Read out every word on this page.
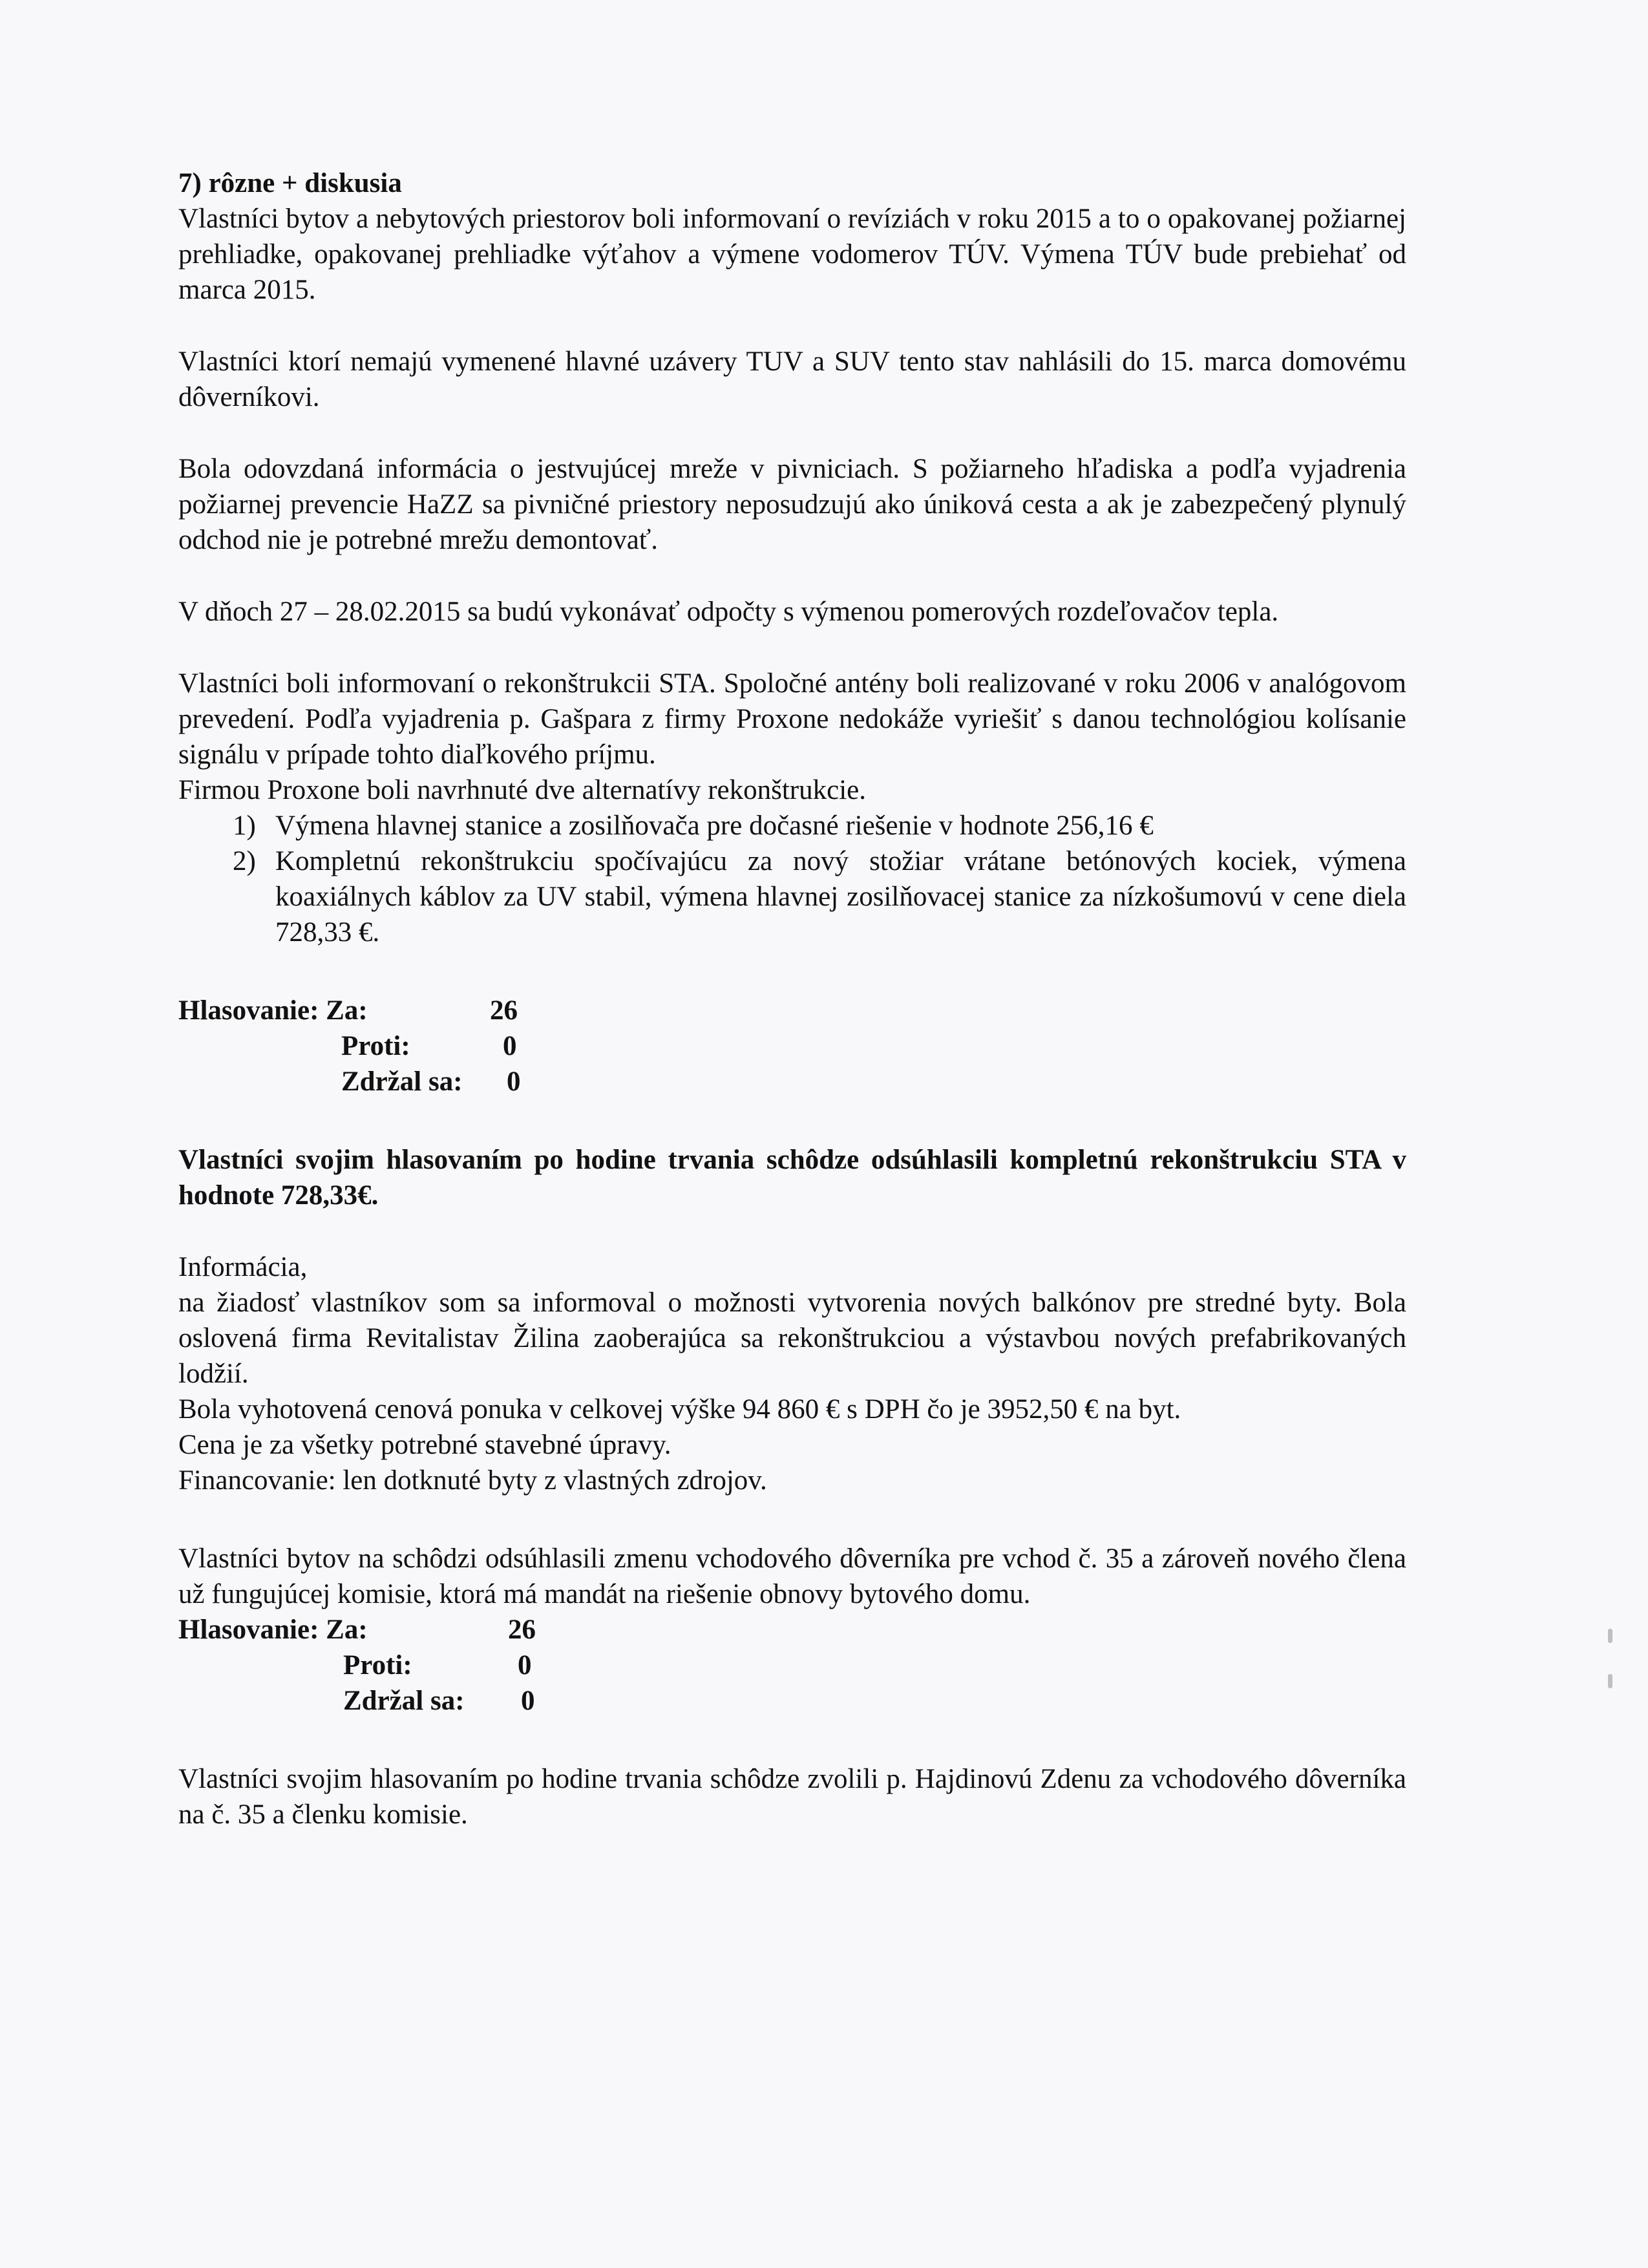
7) rôzne + diskusia

Vlastníci bytov a nebytových priestorov boli informovaní o revíziách v roku 2015 a to o opakovanej požiarnej prehliadke, opakovanej prehliadke výťahov a výmene vodomerov TÚV. Výmena TÚV bude prebiehať od marca 2015.

Vlastníci ktorí nemajú vymenené hlavné uzávery TUV a SUV tento stav nahlásili do 15. marca domovému dôverníkovi.

Bola odovzdaná informácia o jestvujúcej mreže v pivniciach. S požiarneho hľadiska a podľa vyjadrenia požiarnej prevencie HaZZ sa pivničné priestory neposudzujú ako úniková cesta a ak je zabezpečený plynulý odchod nie je potrebné mrežu demontovať.

V dňoch 27 – 28.02.2015 sa budú vykonávať odpočty s výmenou pomerových rozdeľovačov tepla.

Vlastníci boli informovaní o rekonštrukcii STA. Spoločné antény boli realizované v roku 2006 v analógovom prevedení. Podľa vyjadrenia p. Gašpara z firmy Proxone nedokáže vyriešiť s danou technológiou kolísanie signálu v prípade tohto diaľkového príjmu.

Firmou Proxone boli navrhnuté dve alternatívy rekonštrukcie.

1) Výmena hlavnej stanice a zosilňovača pre dočasné riešenie v hodnote 256,16 €
2) Kompletnú rekonštrukciu spočívajúcu za nový stožiar vrátane betónových kociek, výmena koaxiálnych káblov za UV stabil, výmena hlavnej zosilňovacej stanice za nízkošumovú v cene diela 728,33 €.
Hlasovanie: Za:	26
Proti:	0
Zdržal sa: 0

Vlastníci svojim hlasovaním po hodine trvania schôdze odsúhlasili kompletnú rekonštrukciu STA v hodnote 728,33€.

Informácia,

na žiadosť vlastníkov som sa informoval o možnosti vytvorenia nových balkónov pre stredné byty. Bola oslovená firma Revitalistav Žilina zaoberajúca sa rekonštrukciou a výstavbou nových prefabrikovaných lodžií.

Bola vyhotovená cenová ponuka v celkovej výške 94 860 € s DPH čo je 3952,50 € na byt.

Cena je za všetky potrebné stavebné úpravy.

Financovanie: len dotknuté byty z vlastných zdrojov.

Vlastníci bytov na schôdzi odsúhlasili zmenu vchodového dôverníka pre vchod č. 35 a zároveň nového člena už fungujúcej komisie, ktorá má mandát na riešenie obnovy bytového domu.

Hlasovanie: Za:	26
Proti:	0
Zdržal sa: 0

Vlastníci svojim hlasovaním po hodine trvania schôdze zvolili p. Hajdinovú Zdenu za vchodového dôverníka na č. 35 a členku komisie.
